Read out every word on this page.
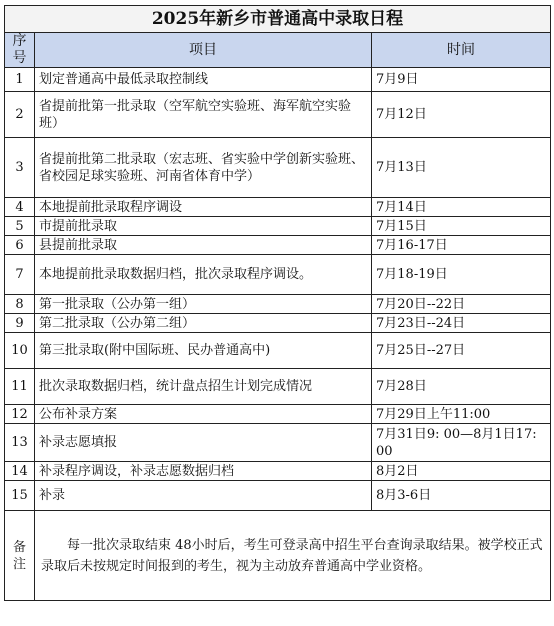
2025年新乡市普通高中录取日程		
序号	项目	时间
1	划定普通高中最低录取控制线	7月9日
2	省提前批第一批录取（空军航空实验班、海军航空实验班）	7月12日
3	省提前批第二批录取（宏志班、省实验中学创新实验班、省校园足球实验班、河南省体育中学）	7月13日
4	本地提前批录取程序调设	7月14日
5	市提前批录取	7月15日
6	县提前批录取	7月16-17日
7	本地提前批录取数据归档，批次录取程序调设。	7月18-19日
8	第一批录取（公办第一组）	7月20日--22日
9	第二批录取（公办第二组）	7月23日--24日
10	第三批录取(附中国际班、民办普通高中)	7月25日--27日
11	批次录取数据归档，统计盘点招生计划完成情况	7月28日
12	公布补录方案	7月29日上午11:00
13	补录志愿填报	7月31日9: 00—8月1日17: 00
14	补录程序调设，补录志愿数据归档	8月2日
15	补录	8月3-6日
备注	每一批次录取结束 48小时后，考生可登录高中招生平台查询录取结果。被学校正式录取后未按规定时间报到的考生，视为主动放弃普通高中学业资格。	
